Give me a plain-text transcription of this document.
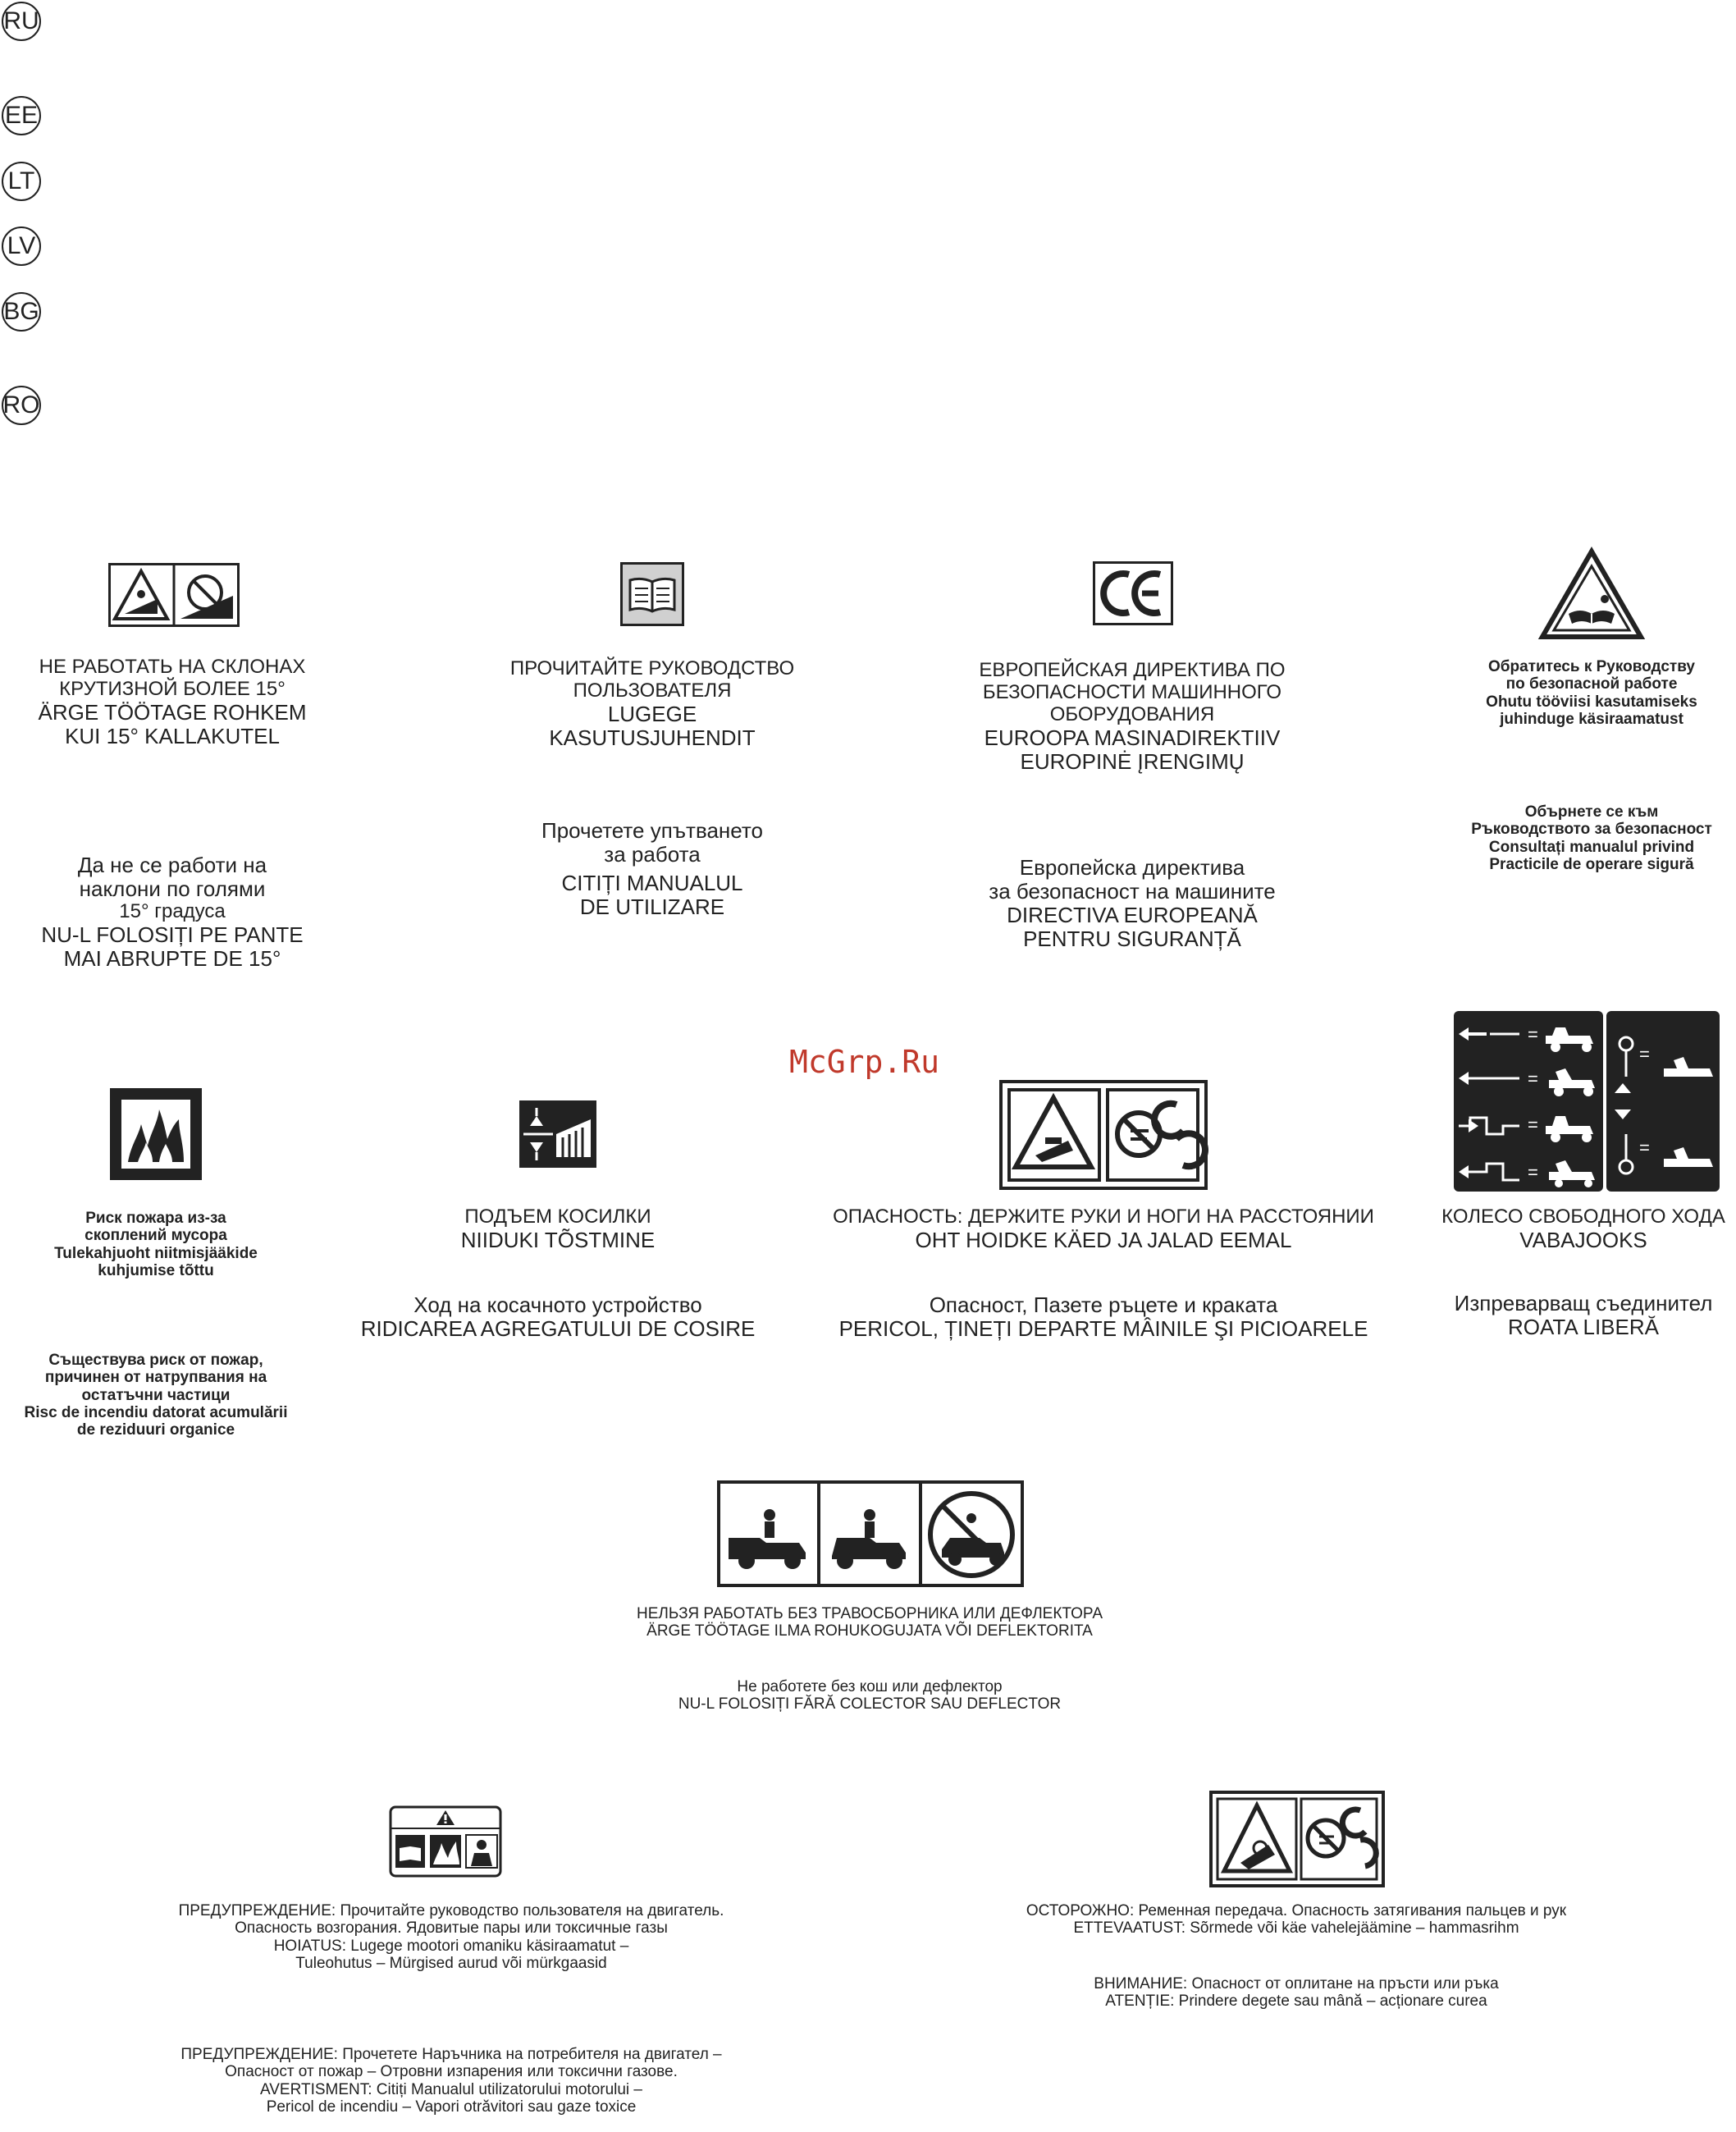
RU
EE
LT
LV
BG
RO
НЕ РАБОТАТЬ НА СКЛОНАХ
КРУТИЗНОЙ БОЛЕЕ 15°
ÄRGE TÖÖTAGE ROHKEM
KUI 15° KALLAKUTEL
Да не се работи на
наклони по голями
15° градуса
NU-L FOLOSIȚI PE PANTE
MAI ABRUPTE DE 15°
ПРОЧИТАЙТЕ РУКОВОДСТВО
ПОЛЬЗОВАТЕЛЯ
LUGEGE
KASUTUSJUHENDIT
Прочетете упътването
за работа
CITIȚI MANUALUL
DE UTILIZARE
ЕВРОПЕЙСКАЯ ДИРЕКТИВА ПО
БЕЗОПАСНОСТИ МАШИННОГО
ОБОРУДОВАНИЯ
EUROOPA MASINADIREKTIIV
EUROPINĖ ĮRENGIMŲ
Европейска директива
за безопасност на машините
DIRECTIVA EUROPEANĂ
PENTRU SIGURANȚĂ
Обратитесь к Руководству
по безопасной работе
Ohutu tööviisi kasutamiseks
juhinduge käsiraamatust
Обърнете се към
Ръководството за безопасност
Consultați manualul privind
Practicile de operare sigură
McGrp.Ru
=
=
=
=
=
=
Риск пожара из-за
скоплений мусора
Tulekahjuoht niitmisjääkide
kuhjumise tõttu
Съществува риск от пожар,
причинен от натрупвания на
остатъчни частици
Risc de incendiu datorat acumulării
de reziduuri organice
ПОДЪЕМ КОСИЛКИ
NIIDUKI TÕSTMINE
Ход на косачното устройство
RIDICAREA AGREGATULUI DE COSIRE
ОПАСНОСТЬ: ДЕРЖИТЕ РУКИ И НОГИ НА РАССТОЯНИИ
OHT HOIDKE KÄED JA JALAD EEMAL
Опасност, Пазете ръцете и краката
PERICOL, ȚINEȚI DEPARTE MÂINILE ŞI PICIOARELE
КОЛЕСО СВОБОДНОГО ХОДА
VABAJOOKS
Изпреварващ съединител
ROATA LIBERĂ
НЕЛЬЗЯ РАБОТАТЬ БЕЗ ТРАВОСБОРНИКА ИЛИ ДЕФЛЕКТОРА
ÄRGE TÖÖTAGE ILMA ROHUKOGUJATA VÕI DEFLEKTORITA
Не работете без кош или дефлектор
NU-L FOLOSIȚI FĂRĂ COLECTOR SAU DEFLECTOR
ПРЕДУПРЕЖДЕНИЕ: Прочитайте руководство пользователя на двигатель.
Опасность возгорания. Ядовитые пары или токсичные газы
HOIATUS: Lugege mootori omaniku käsiraamatut –
Tuleohutus – Mürgised aurud või mürkgaasid
ПРЕДУПРЕЖДЕНИЕ: Прочетете Наръчника на потребителя на двигател –
Опасност от пожар – Отровни изпарения или токсични газове.
AVERTISMENT: Citiți Manualul utilizatorului motorului –
Pericol de incendiu – Vapori otrăvitori sau gaze toxice
ОСТОРОЖНО: Ременная передача. Опасность затягивания пальцев и рук
ETTEVAATUST: Sõrmede või käe vahelejäämine – hammasrihm
ВНИМАНИЕ: Опасност от оплитане на пръсти или ръка
ATENȚIE: Prindere degete sau mână – acționare curea
